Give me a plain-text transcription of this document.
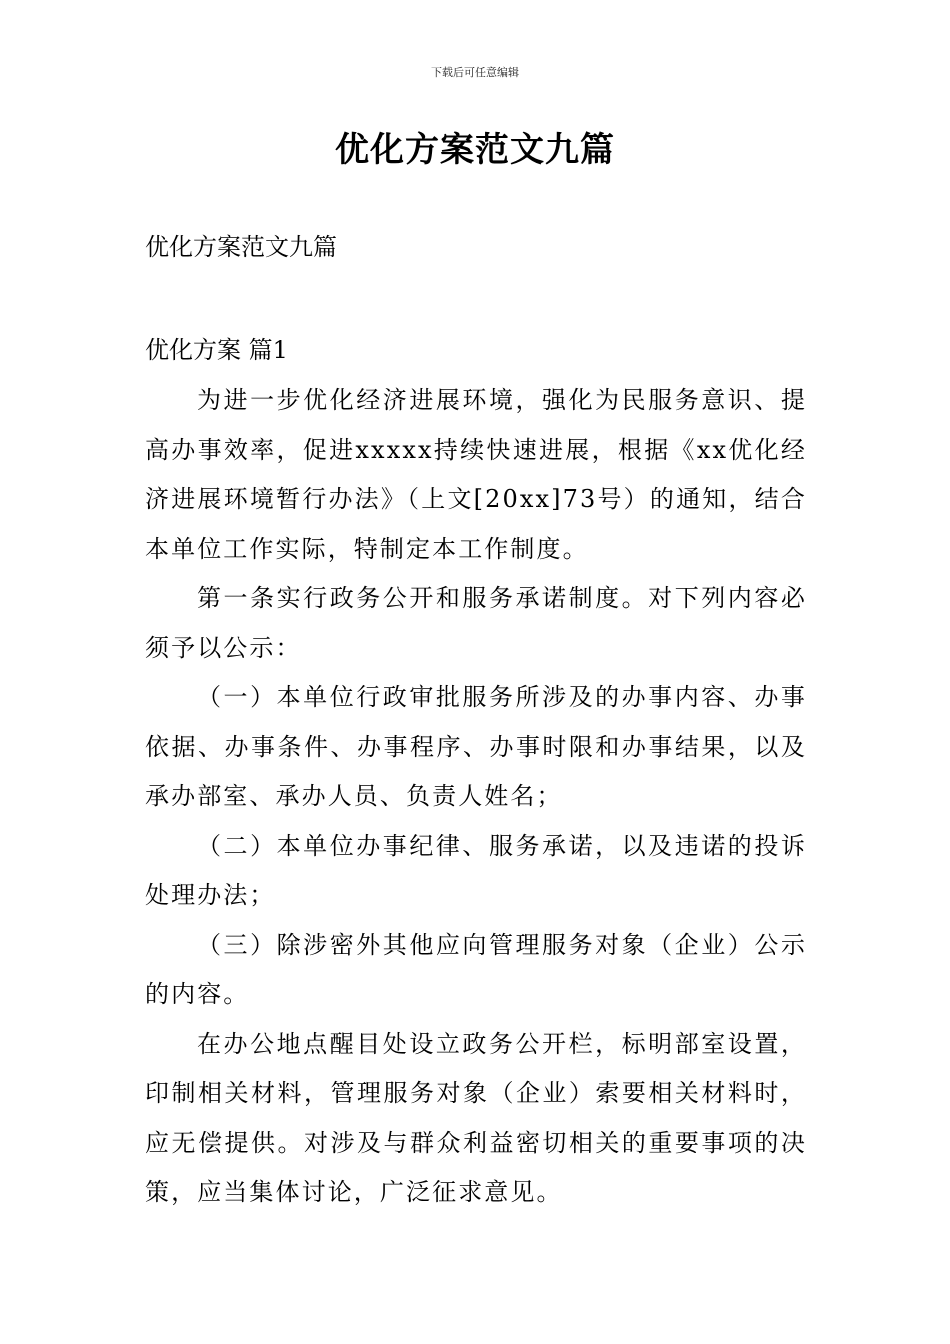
下载后可任意编辑
优化方案范文九篇
优化方案范文九篇
优化方案 篇1

为进一步优化经济进展环境，强化为民服务意识、提高办事效率，促进xxxxx持续快速进展，根据《xx优化经济进展环境暂行办法》（上文[20xx]73号）的通知，结合本单位工作实际，特制定本工作制度。

第一条实行政务公开和服务承诺制度。对下列内容必须予以公示：

（一）本单位行政审批服务所涉及的办事内容、办事依据、办事条件、办事程序、办事时限和办事结果，以及承办部室、承办人员、负责人姓名；

（二）本单位办事纪律、服务承诺，以及违诺的投诉处理办法；

（三）除涉密外其他应向管理服务对象（企业）公示的内容。

在办公地点醒目处设立政务公开栏，标明部室设置，印制相关材料，管理服务对象（企业）索要相关材料时，应无偿提供。对涉及与群众利益密切相关的重要事项的决策，应当集体讨论，广泛征求意见。
